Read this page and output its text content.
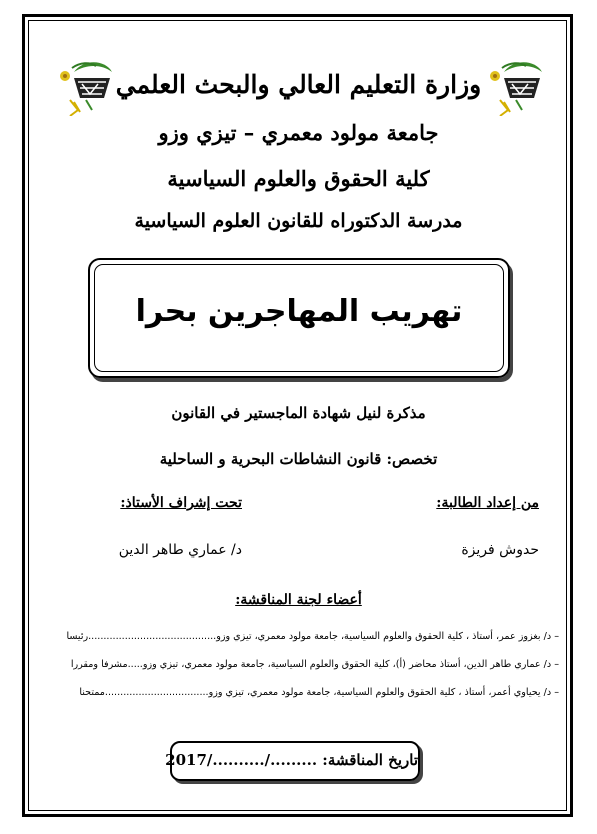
وزارة التعليم العالي والبحث العلمي
جامعة مولود معمري – تيزي وزو
كلية الحقوق والعلوم السياسية
مدرسة الدكتوراه للقانون العلوم السياسية
تهريب المهاجرين بحرا
مذكرة لنيل شهادة الماجستير في القانون
تخصص: قانون النشاطات البحرية و الساحلية
من إعداد الطالبة:
تحت إشراف الأستاذ:
حدوش فريزة
د/ عماري طاهر الدين
أعضاء لجنة المناقشة:
– د/ بغزوز عمر، أستاذ ، كلية الحقوق والعلوم السياسية، جامعة مولود معمري، تيزي وزو..........................................رئيسا
– د/ عماري طاهر الدين، أستاذ محاضر (أ)، كلية الحقوق والعلوم السياسية، جامعة مولود معمري، تيزي وزو.....مشرفا ومقررا
– د/ يحياوي أعمر، أستاذ ، كلية الحقوق والعلوم السياسية، جامعة مولود معمري، تيزي وزو..................................ممتحنا
تاريخ المناقشة: ........./........../2017
